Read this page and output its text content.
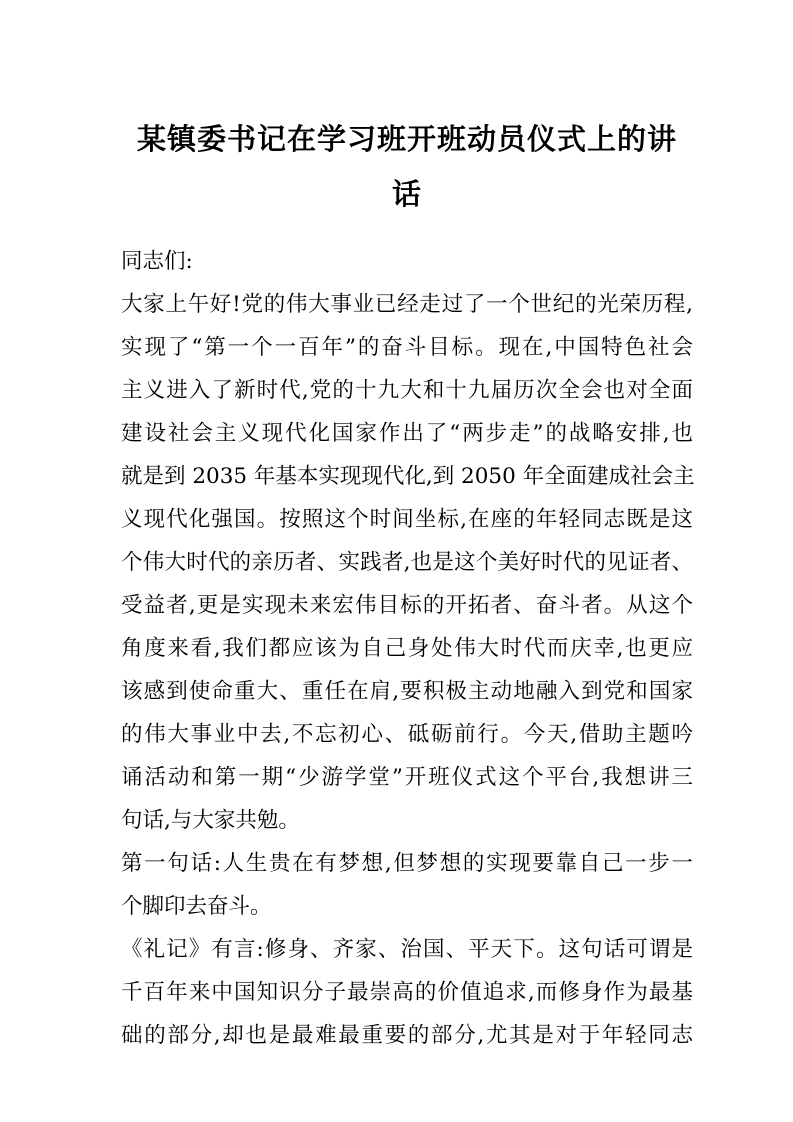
某镇委书记在学习班开班动员仪式上的讲
话
同志们:
大家上午好!党的伟大事业已经走过了一个世纪的光荣历程,
实现了“第一个一百年”的奋斗目标。现在,中国特色社会
主义进入了新时代,党的十九大和十九届历次全会也对全面
建设社会主义现代化国家作出了“两步走”的战略安排,也
就是到 2035 年基本实现现代化,到 2050 年全面建成社会主
义现代化强国。按照这个时间坐标,在座的年轻同志既是这
个伟大时代的亲历者、实践者,也是这个美好时代的见证者、
受益者,更是实现未来宏伟目标的开拓者、奋斗者。从这个
角度来看,我们都应该为自己身处伟大时代而庆幸,也更应
该感到使命重大、重任在肩,要积极主动地融入到党和国家
的伟大事业中去,不忘初心、砥砺前行。今天,借助主题吟
诵活动和第一期“少游学堂”开班仪式这个平台,我想讲三
句话,与大家共勉。
第一句话:人生贵在有梦想,但梦想的实现要靠自己一步一
个脚印去奋斗。
《礼记》有言:修身、齐家、治国、平天下。这句话可谓是
千百年来中国知识分子最崇高的价值追求,而修身作为最基
础的部分,却也是最难最重要的部分,尤其是对于年轻同志
